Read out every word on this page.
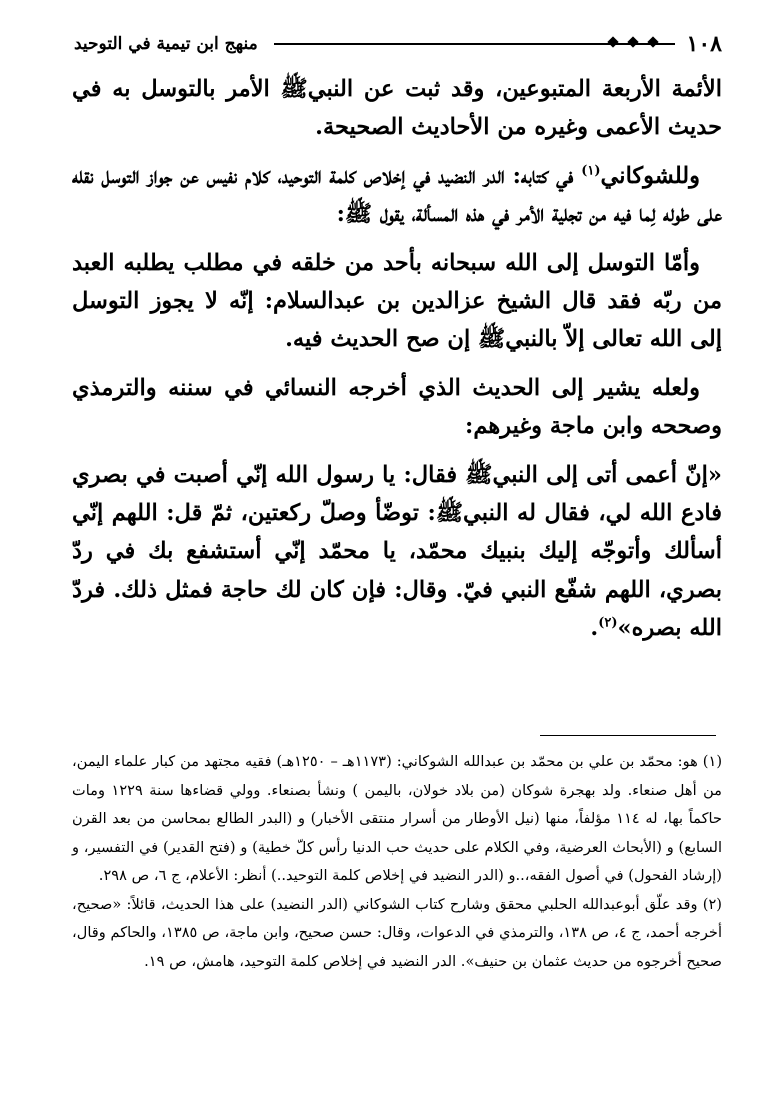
١٠٨
منهج ابن تيمية في التوحيد

الأئمة الأربعة المتبوعين، وقد ثبت عن النبيﷺ الأمر بالتوسل به في حديث الأعمى وغيره من الأحاديث الصحيحة.

وللشوكاني$^{(١)}$ في كتابه: الدر النضيد في إخلاص كلمة التوحيد، كلام نفيس عن جواز التوسل نقله على طوله لِما فيه من تجلية الأمر في هذه المسألة، يقول ﷺ:

وأمّا التوسل إلى الله سبحانه بأحد من خلقه في مطلب يطلبه العبد من ربّه فقد قال الشيخ عزالدين بن عبدالسلام: إنّه لا يجوز التوسل إلى الله تعالى إلاّ بالنبيﷺ إن صح الحديث فيه.

ولعله يشير إلى الحديث الذي أخرجه النسائي في سننه والترمذي وصححه وابن ماجة وغيرهم:

«إنّ أعمى أتى إلى النبيﷺ فقال: يا رسول الله إنّي أصبت في بصري فادع الله لي، فقال له النبيﷺ: توضّأ وصلّ ركعتين، ثمّ قل: اللهم إنّي أسألك وأتوجّه إليك بنبيك محمّد، يا محمّد إنّي أستشفع بك في ردّ بصري، اللهم شفّع النبي فيّ. وقال: فإن كان لك حاجة فمثل ذلك. فردّ الله بصره»$^{(٢)}$.

(١) هو: محمّد بن علي بن محمّد بن عبدالله الشوكاني: (١١٧٣هـ – ١٢٥٠هـ) فقيه مجتهد من كبار علماء اليمن، من أهل صنعاء. ولد بهجرة شوكان (من بلاد خولان، باليمن ) ونشأ بصنعاء. وولي قضاءها سنة ١٢٢٩ ومات حاكماً بها، له ١١٤ مؤلفاً، منها (نيل الأوطار من أسرار منتقى الأخبار) و (البدر الطالع بمحاسن من بعد القرن السابع) و (الأبحاث العرضية، وفي الكلام على حديث حب الدنيا رأس كلّ خطية) و (فتح القدير) في التفسير، و (إرشاد الفحول) في أصول الفقه،..و (الدر النضيد في إخلاص كلمة التوحيد..) أنظر: الأعلام، ج ٦، ص ٢٩٨.

(٢) وقد علّق أبوعبدالله الحلبي محقق وشارح كتاب الشوكاني (الدر النضيد) على هذا الحديث، قائلاً: «صحيح، أخرجه أحمد، ج ٤، ص ١٣٨، والترمذي في الدعوات، وقال: حسن صحيح، وابن ماجة، ص ١٣٨٥، والحاكم وقال، صحيح أخرجوه من حديث عثمان بن حنيف». الدر النضيد في إخلاص كلمة التوحيد، هامش، ص ١٩.
